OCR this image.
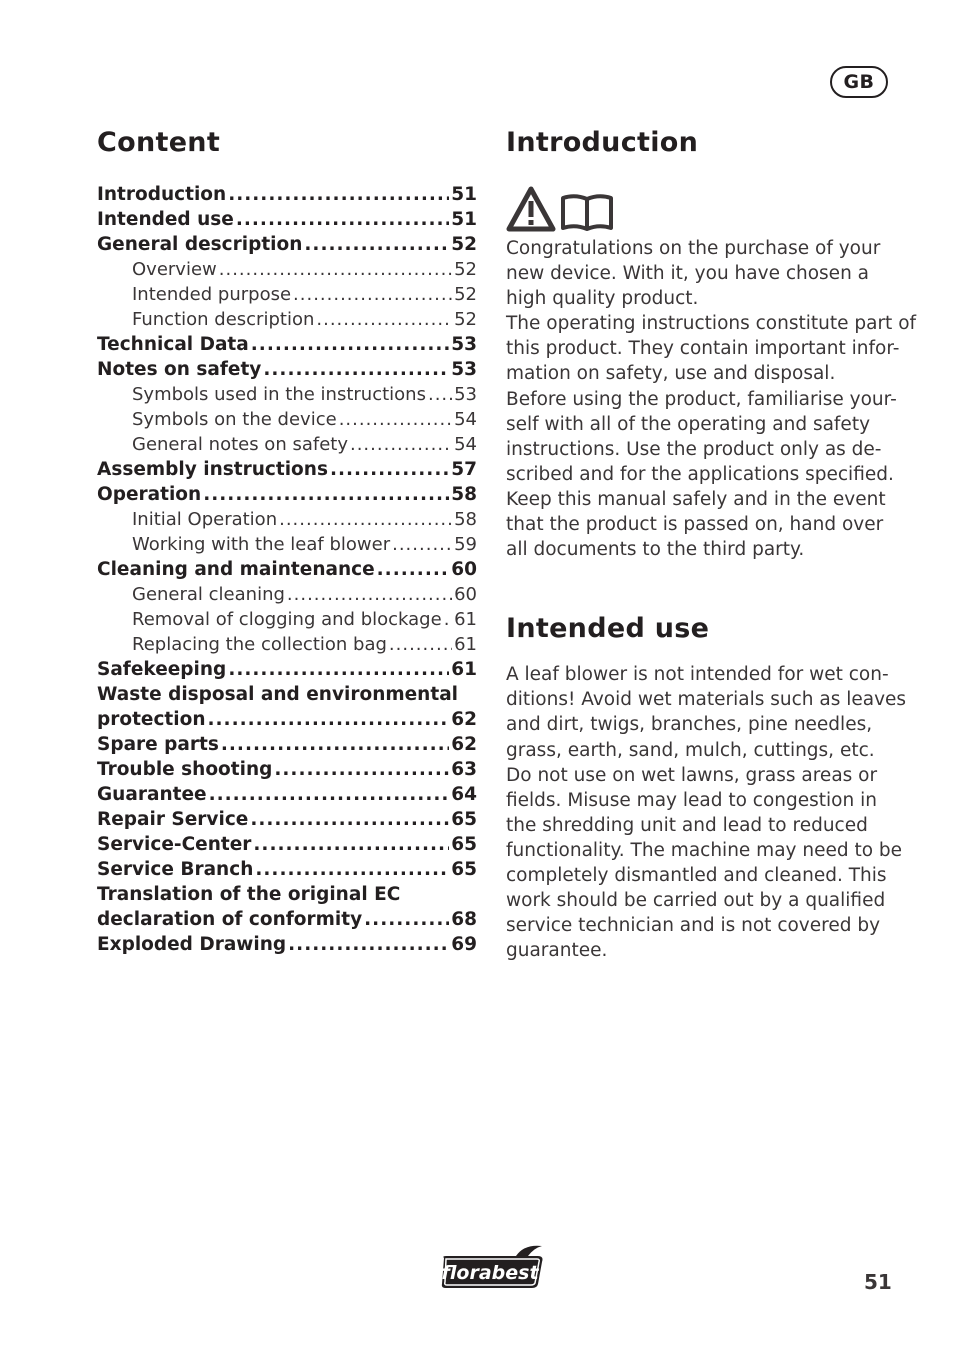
GB
Content
Introduction .....	51
Intended use .....	51
General description .....	52
Overview .....	52
Intended purpose .....	52
Function description .....	52
Technical Data .....	53
Notes on safety .....	53
Symbols used in the instructions ..... 53
Symbols on the device .....	54
General notes on safety .....	54
Assembly instructions .....	57
Operation .....	58
Initial Operation .....	58
Working with the leaf blower .....	59
Cleaning and maintenance .....	60
General cleaning .....	60
Removal of clogging and blockage ..... 61
Replacing the collection bag .....	61
Safekeeping .....	61
Waste disposal and environmental
protection .....	62
Spare parts .....	62
Trouble shooting .....	63
Guarantee .....	64
Repair Service .....	65
Service-Center .....	65
Service Branch .....	65
Translation of the original EC
declaration of conformity .....	68
Exploded Drawing .....	69
Introduction
Congratulations on the purchase of your
new device. With it, you have chosen a
high quality product.
The operating instructions constitute part of
this product. They contain important infor-
mation on safety, use and disposal.
Before using the product, familiarise your-
self with all of the operating and safety
instructions. Use the product only as de-
scribed and for the applications specified.
Keep this manual safely and in the event
that the product is passed on, hand over
all documents to the third party.
Intended use
A leaf blower is not intended for wet con-
ditions! Avoid wet materials such as leaves
and dirt, twigs, branches, pine needles,
grass, earth, sand, mulch, cuttings, etc.
Do not use on wet lawns, grass areas or
fields. Misuse may lead to congestion in
the shredding unit and lead to reduced
functionality. The machine may need to be
completely dismantled and cleaned. This
work should be carried out by a qualified
service technician and is not covered by
guarantee.
florabest	51
